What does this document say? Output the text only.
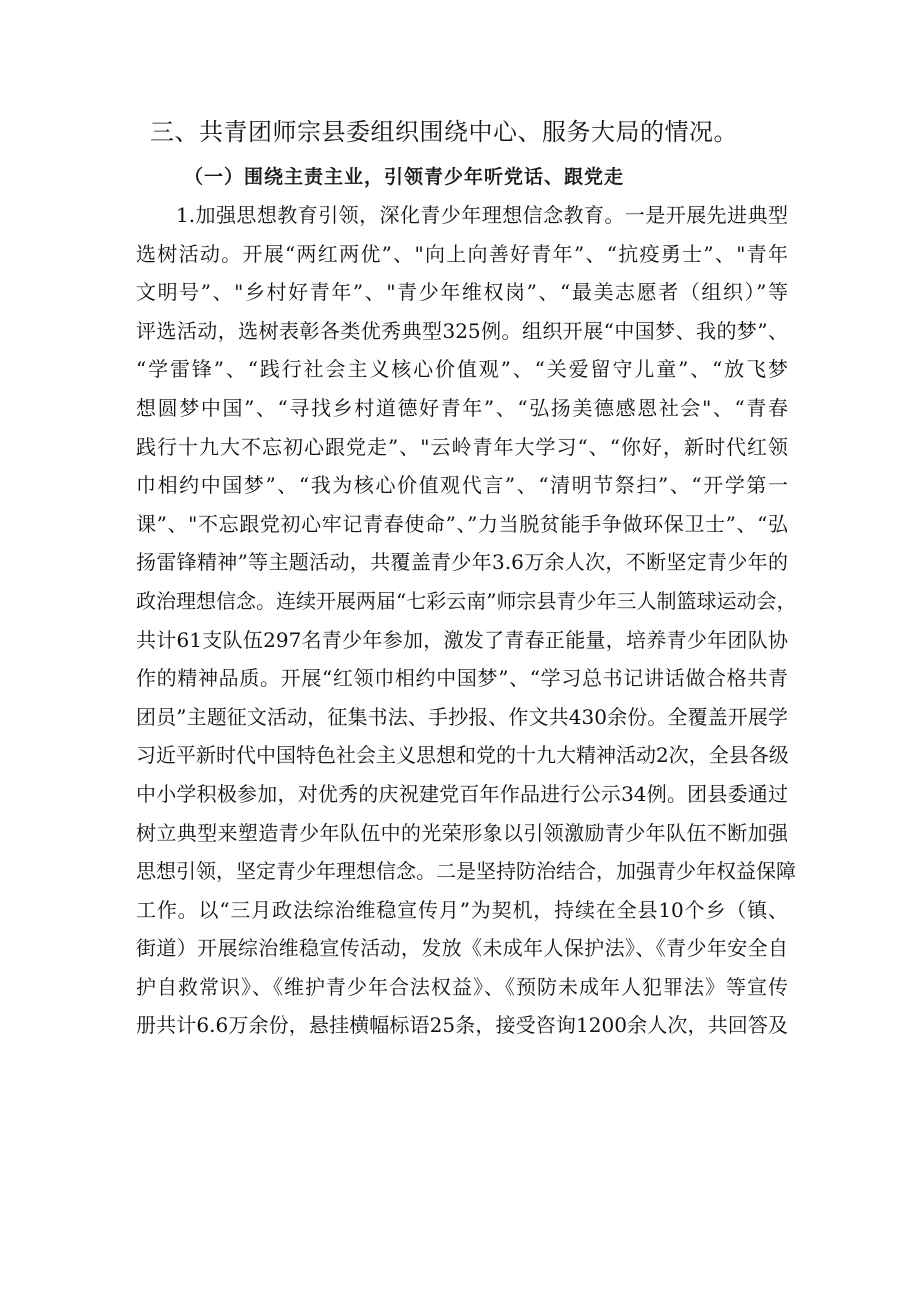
三、共青团师宗县委组织围绕中心、服务大局的情况。
（一）围绕主责主业，引领青少年听党话、跟党走
1.加强思想教育引领，深化青少年理想信念教育。一是开展先进典型
选树活动。开展“两红两优”、"向上向善好青年”、“抗疫勇士”、"青年
文明号”、"乡村好青年”、"青少年维权岗”、“最美志愿者（组织）”等
评选活动，选树表彰各类优秀典型325例。组织开展“中国梦、我的梦”、
“学雷锋”、“践行社会主义核心价值观”、“关爱留守儿童”、“放飞梦
想圆梦中国”、“寻找乡村道德好青年”、“弘扬美德感恩社会"、“青春
践行十九大不忘初心跟党走”、"云岭青年大学习“、“你好，新时代红领
巾相约中国梦”、“我为核心价值观代言”、“清明节祭扫”、“开学第一
课”、"不忘跟党初心牢记青春使命”、”力当脱贫能手争做环保卫士”、“弘
扬雷锋精神”等主题活动，共覆盖青少年3.6万余人次，不断坚定青少年的
政治理想信念。连续开展两届“七彩云南”师宗县青少年三人制篮球运动会，
共计61支队伍297名青少年参加，激发了青春正能量，培养青少年团队协
作的精神品质。开展“红领巾相约中国梦”、“学习总书记讲话做合格共青
团员”主题征文活动，征集书法、手抄报、作文共430余份。全覆盖开展学
习近平新时代中国特色社会主义思想和党的十九大精神活动2次，全县各级
中小学积极参加，对优秀的庆祝建党百年作品进行公示34例。团县委通过
树立典型来塑造青少年队伍中的光荣形象以引领激励青少年队伍不断加强
思想引领，坚定青少年理想信念。二是坚持防治结合，加强青少年权益保障
工作。以“三月政法综治维稳宣传月”为契机，持续在全县10个乡（镇、
街道）开展综治维稳宣传活动，发放《未成年人保护法》、《青少年安全自
护自救常识》、《维护青少年合法权益》、《预防未成年人犯罪法》等宣传
册共计6.6万余份，悬挂横幅标语25条，接受咨询1200余人次，共回答及
